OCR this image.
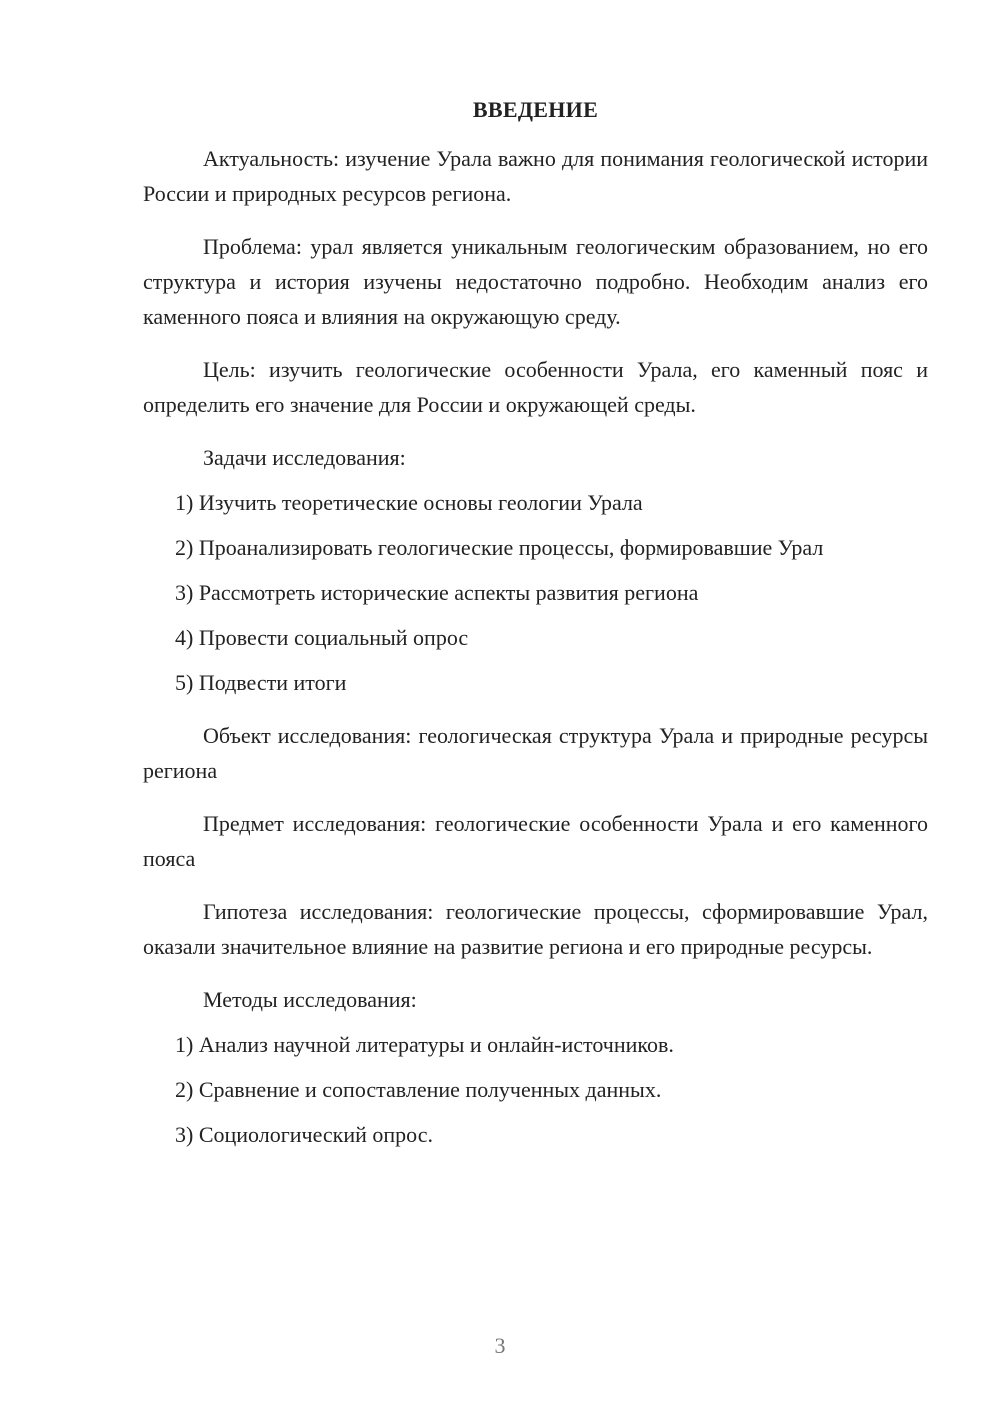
ВВЕДЕНИЕ

Актуальность: изучение Урала важно для понимания геологической истории России и природных ресурсов региона.

Проблема: урал является уникальным геологическим образованием, но его структура и история изучены недостаточно подробно. Необходим анализ его каменного пояса и влияния на окружающую среду.

Цель: изучить геологические особенности Урала, его каменный пояс и определить его значение для России и окружающей среды.

Задачи исследования:

1) Изучить теоретические основы геологии Урала
2) Проанализировать геологические процессы, формировавшие Урал
3) Рассмотреть исторические аспекты развития региона
4) Провести социальный опрос
5) Подвести итоги

Объект исследования: геологическая структура Урала и природные ресурсы региона

Предмет исследования: геологические особенности Урала и его каменного пояса

Гипотеза исследования: геологические процессы, сформировавшие Урал, оказали значительное влияние на развитие региона и его природные ресурсы.

Методы исследования:

1) Анализ научной литературы и онлайн-источников.
2) Сравнение и сопоставление полученных данных.
3) Социологический опрос.
3
